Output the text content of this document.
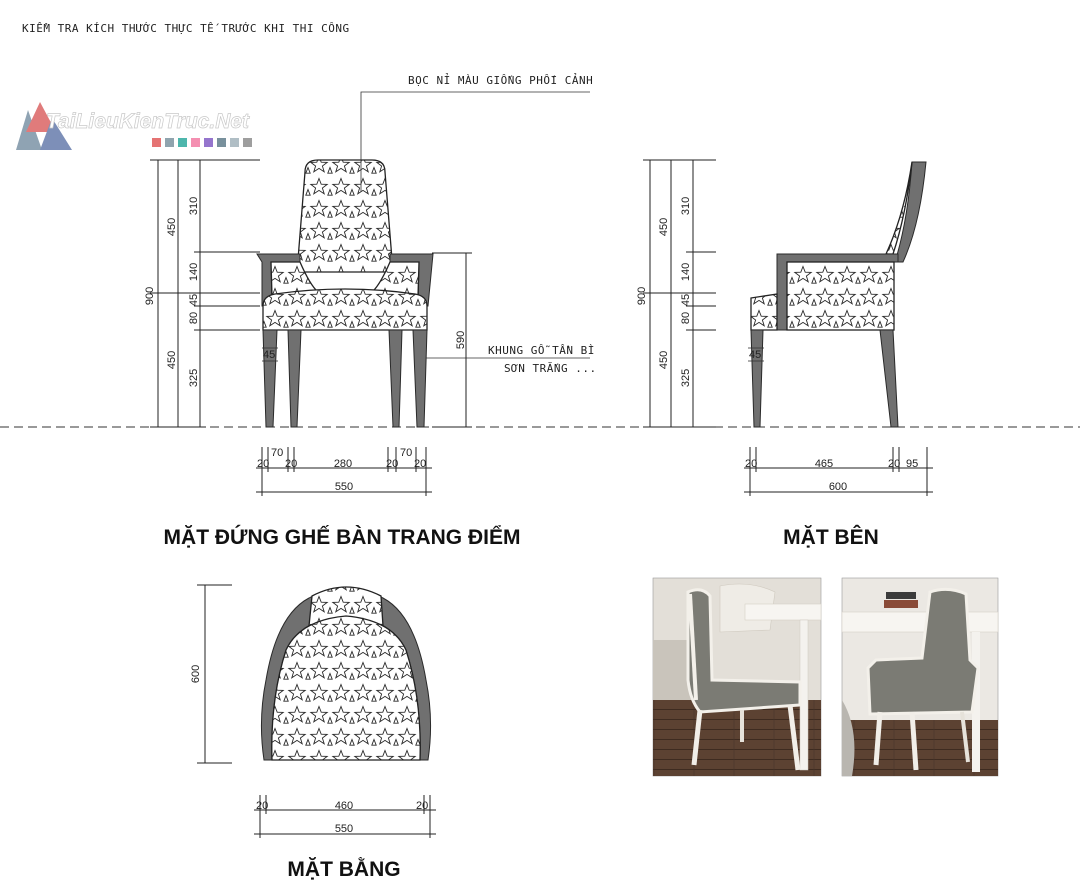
KIỂM TRA KÍCH THƯỚC THỰC TẾ TRƯỚC KHI THI CÔNG
TaiLieuKienTruc.Net
900
450
450
310
140
45
80
325
45
BỌC NỈ MÀU GIỐNG PHỐI CẢNH
KHUNG GỖ TẦN BÌ
SƠN TRẮNG ...
590
20
70
20	280	20
70
20
550
MẶT ĐỨNG GHẾ BÀN TRANG ĐIỂM
900
450
450
310
140
45
80
325
45
20	465	20 95
600
MẶT BÊN
600
20	460	20
550
MẶT BẰNG
